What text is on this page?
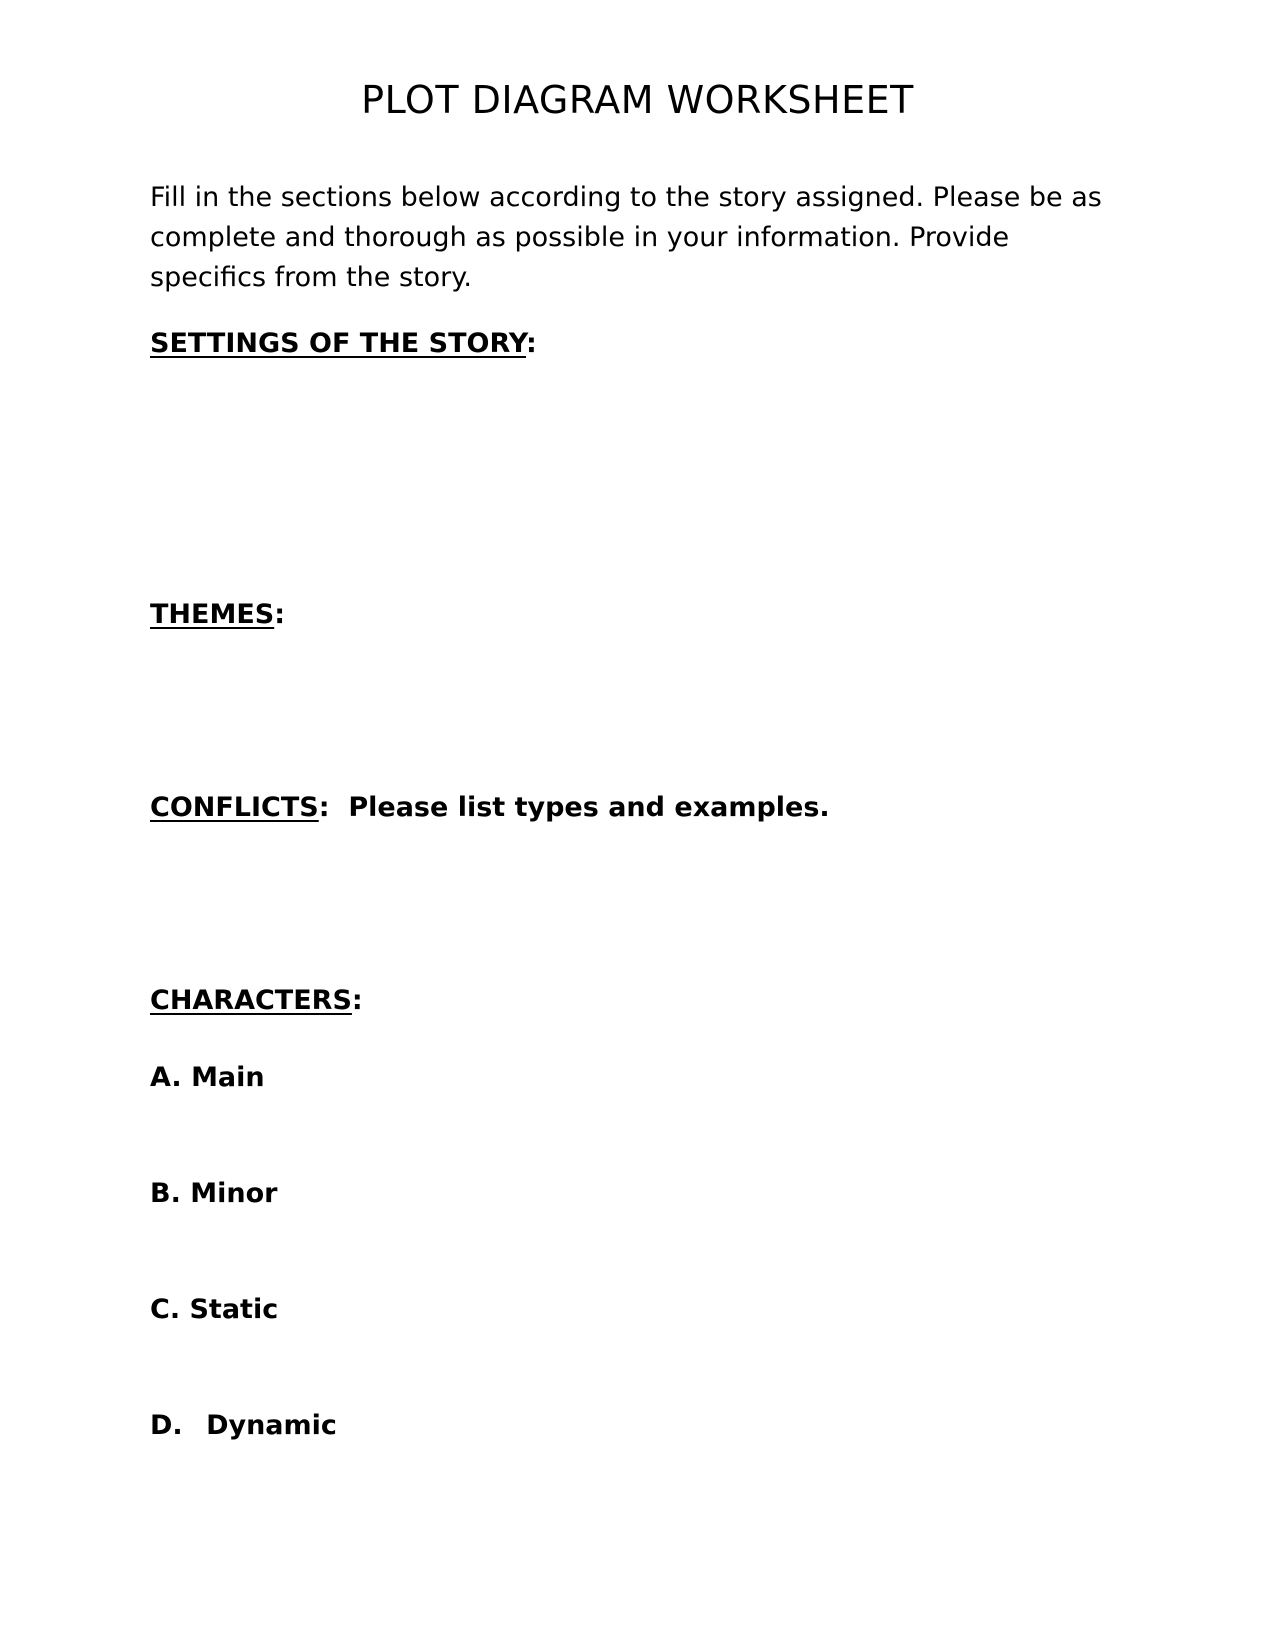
PLOT DIAGRAM WORKSHEET
Fill in the sections below according to the story assigned. Please be as complete and thorough as possible in your information. Provide specifics from the story.
SETTINGS OF THE STORY:
THEMES:
CONFLICTS:  Please list types and examples.
CHARACTERS:
A. Main
B. Minor
C. Static
D. Dynamic
